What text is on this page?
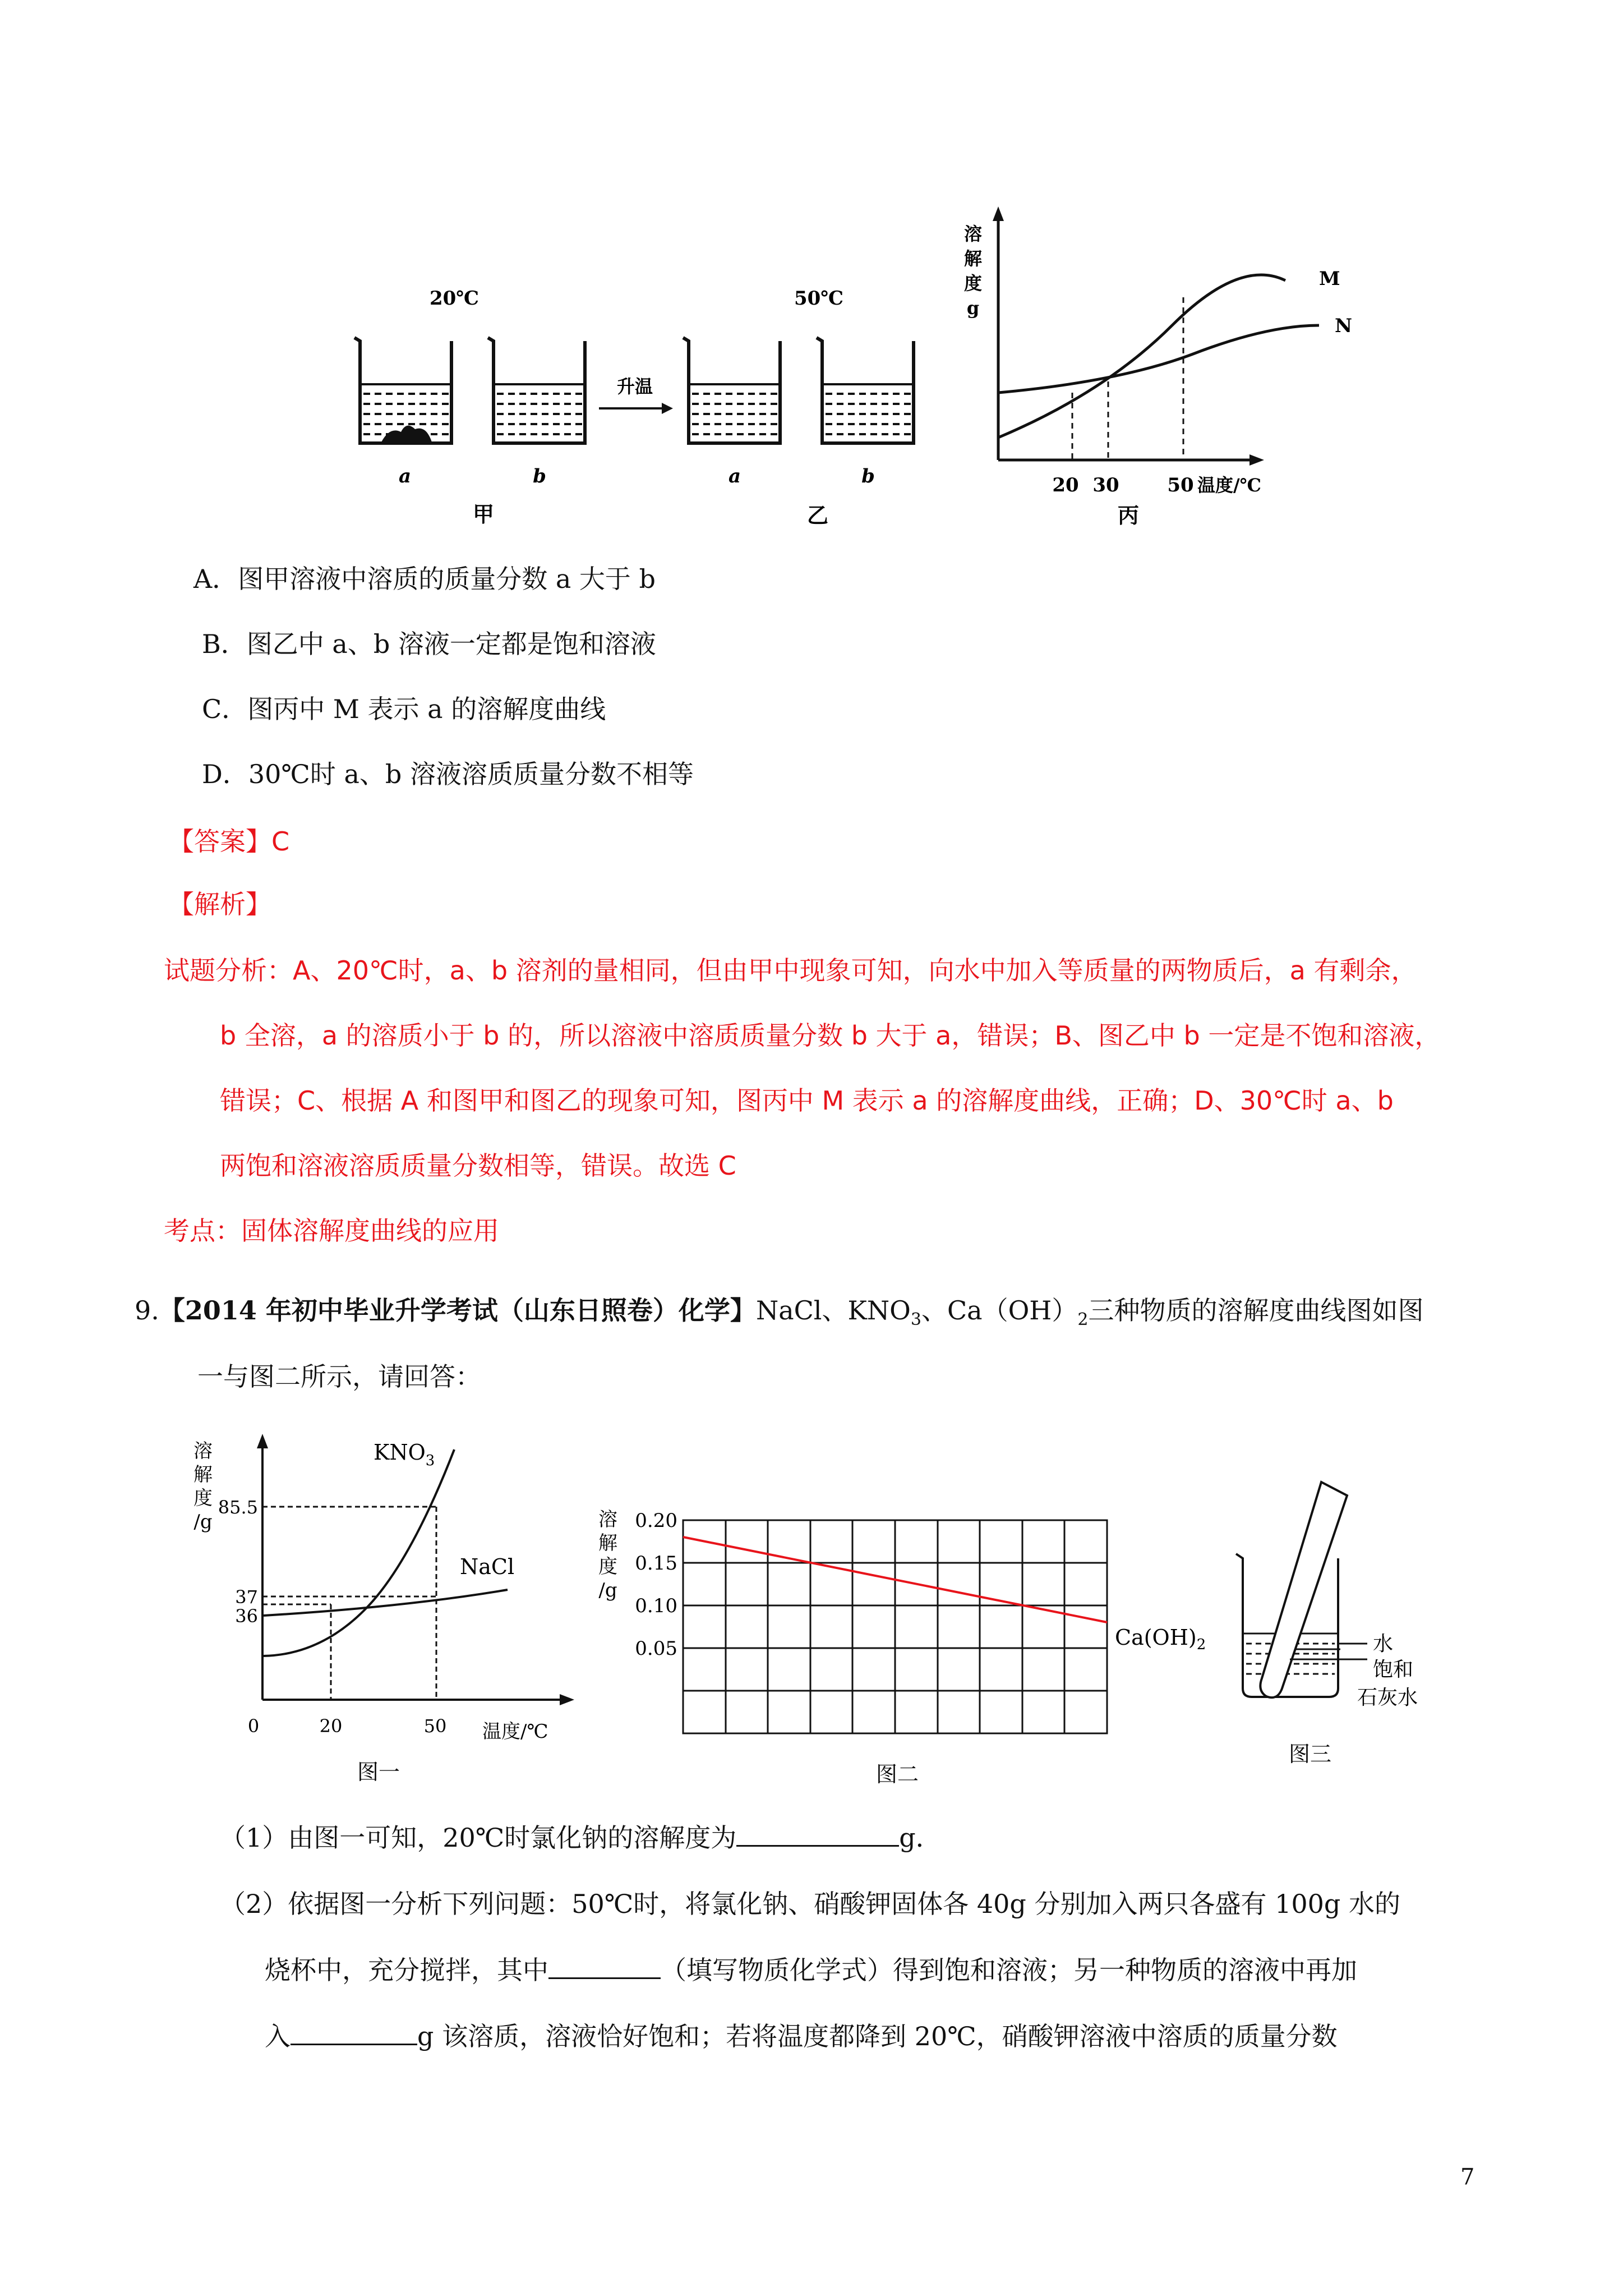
20℃	50℃
a	b	a	b
升温
甲	乙	丙
溶
解
度
g
M
N
20 30	50 温度/℃
A．图甲溶液中溶质的质量分数 a 大于 b
B．图乙中 a、b 溶液一定都是饱和溶液
C．图丙中 M 表示 a 的溶解度曲线
D．30℃时 a、b 溶液溶质质量分数不相等
【答案】C
【解析】
试题分析：A、20℃时，a、b 溶剂的量相同，但由甲中现象可知，向水中加入等质量的两物质后，a 有剩余，
b 全溶，a 的溶质小于 b 的，所以溶液中溶质质量分数 b 大于 a，错误；B、图乙中 b 一定是不饱和溶液，
错误；C、根据 A 和图甲和图乙的现象可知，图丙中 M 表示 a 的溶解度曲线，正确；D、30℃时 a、b
两饱和溶液溶质质量分数相等，错误。故选 C
考点：固体溶解度曲线的应用
9.【2014 年初中毕业升学考试（山东日照卷）化学】NaCl、$KNO_3$、$Ca(OH)_2$三种物质的溶解度曲线图如图
一与图二所示，请回答：
溶
解
度
/g
85.5
37
36
0	20	50 温度/℃
$KNO_3$
NaCl
图一
溶
解
度
/g
0.20
0.15
0.10
0.05	$Ca(OH)_2$
图二
水
饱和
石灰水
图三
（1）由图一可知，20℃时氯化钠的溶解度为	g．
（2）依据图一分析下列问题：50℃时，将氯化钠、硝酸钾固体各 40g 分别加入两只各盛有 100g 水的
烧杯中，充分搅拌，其中	（填写物质化学式）得到饱和溶液；另一种物质的溶液中再加
入	g 该溶质，溶液恰好饱和；若将温度都降到 20℃，硝酸钾溶液中溶质的质量分数
7
